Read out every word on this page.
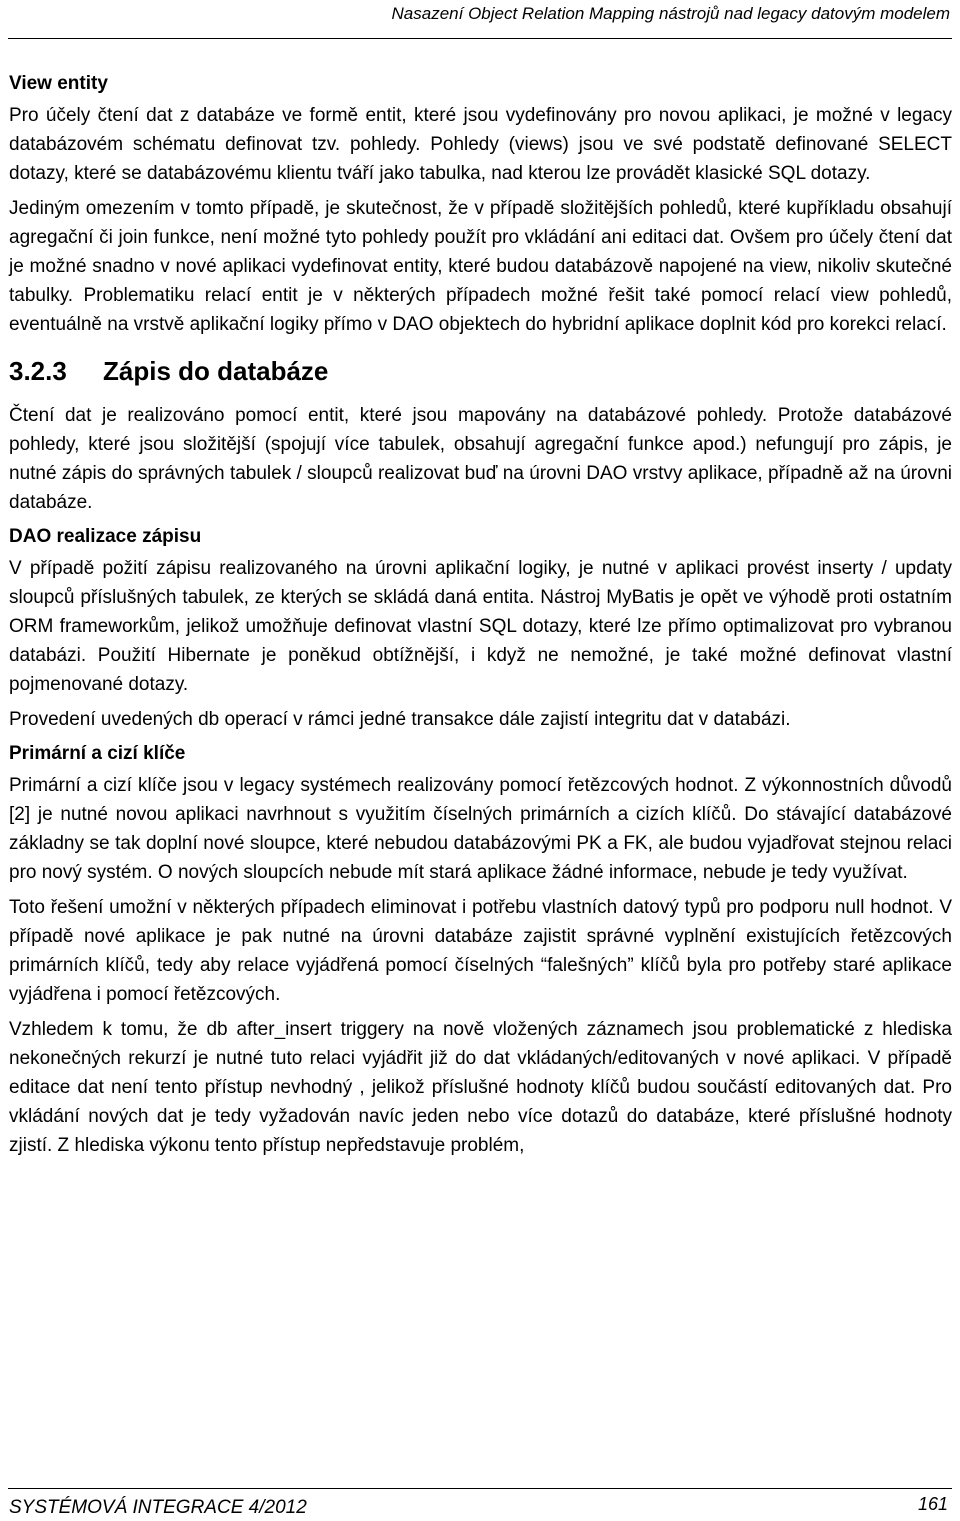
Nasazení Object Relation Mapping nástrojů nad legacy datovým modelem
View entity

Pro účely čtení dat z databáze ve formě entit, které jsou vydefinovány pro novou aplikaci, je možné v legacy databázovém schématu definovat tzv. pohledy. Pohledy (views) jsou ve své podstatě definované SELECT dotazy, které se databázovému klientu tváří jako tabulka, nad kterou lze provádět klasické SQL dotazy.

Jediným omezením v tomto případě, je skutečnost, že v případě složitějších pohledů, které kupříkladu obsahují agregační či join funkce, není možné tyto pohledy použít pro vkládání ani editaci dat. Ovšem pro účely čtení dat je možné snadno v nové aplikaci vydefinovat entity, které budou databázově napojené na view, nikoliv skutečné tabulky. Problematiku relací entit je v některých případech možné řešit také pomocí relací view pohledů, eventuálně na vrstvě aplikační logiky přímo v DAO objektech do hybridní aplikace doplnit kód pro korekci relací.

3.2.3 Zápis do databáze

Čtení dat je realizováno pomocí entit, které jsou mapovány na databázové pohledy. Protože databázové pohledy, které jsou složitější (spojují více tabulek, obsahují agregační funkce apod.) nefungují pro zápis, je nutné zápis do správných tabulek / sloupců realizovat buď na úrovni DAO vrstvy aplikace, případně až na úrovni databáze.

DAO realizace zápisu

V případě požití zápisu realizovaného na úrovni aplikační logiky, je nutné v aplikaci provést inserty / updaty sloupců příslušných tabulek, ze kterých se skládá daná entita. Nástroj MyBatis je opět ve výhodě proti ostatním ORM frameworkům, jelikož umožňuje definovat vlastní SQL dotazy, které lze přímo optimalizovat pro vybranou databázi. Použití Hibernate je poněkud obtížnější, i když ne nemožné, je také možné definovat vlastní pojmenované dotazy.

Provedení uvedených db operací v rámci jedné transakce dále zajistí integritu dat v databázi.

Primární a cizí klíče

Primární a cizí klíče jsou v legacy systémech realizovány pomocí řetězcových hodnot. Z výkonnostních důvodů [2] je nutné novou aplikaci navrhnout s využitím číselných primárních a cizích klíčů. Do stávající databázové základny se tak doplní nové sloupce, které nebudou databázovými PK a FK, ale budou vyjadřovat stejnou relaci pro nový systém. O nových sloupcích nebude mít stará aplikace žádné informace, nebude je tedy využívat.

Toto řešení umožní v některých případech eliminovat i potřebu vlastních datový typů pro podporu null hodnot. V případě nové aplikace je pak nutné na úrovni databáze zajistit správné vyplnění existujících řetězcových primárních klíčů, tedy aby relace vyjádřená pomocí číselných “falešných” klíčů byla pro potřeby staré aplikace vyjádřena i pomocí řetězcových.

Vzhledem k tomu, že db after_insert triggery na nově vložených záznamech jsou problematické z hlediska nekonečných rekurzí je nutné tuto relaci vyjádřit již do dat vkládaných/editovaných v nové aplikaci. V případě editace dat není tento přístup nevhodný , jelikož příslušné hodnoty klíčů budou součástí editovaných dat. Pro vkládání nových dat je tedy vyžadován navíc jeden nebo více dotazů do databáze, které příslušné hodnoty zjistí. Z hlediska výkonu tento přístup nepředstavuje problém,

SYSTÉMOVÁ INTEGRACE 4/2012	161
